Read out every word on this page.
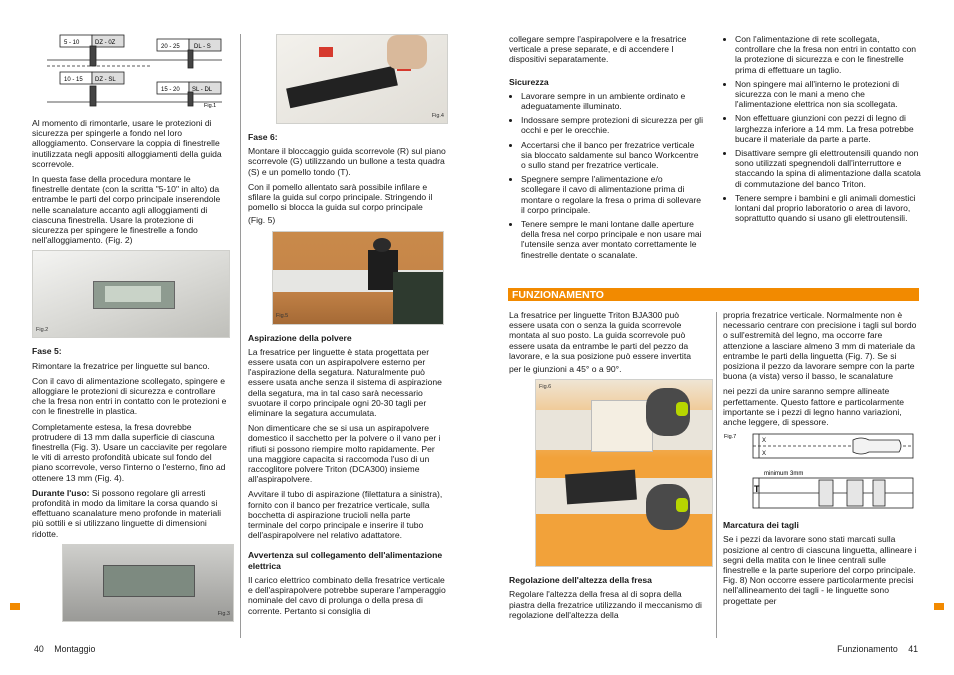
5 - 10	DZ - 0Z
10 - 15 DZ - SL
20 - 25 DL - S
15 - 20 SL - DL
Fig.1

Al momento di rimontarle, usare le protezioni di sicurezza per spingerle a fondo nel loro alloggiamento. Conservare la coppia di finestrelle inutilizzata negli appositi alloggiamenti della guida scorrevole.

In questa fase della procedura montare le finestrelle dentate (con la scritta "5-10" in alto) da entrambe le parti del corpo principale inserendole nelle scanalature accanto agli alloggiamenti di ciascuna finestrella. Usare la protezione di sicurezza per spingere le finestrelle a fondo nell'alloggiamento. (Fig. 2)

Fig.2
Fase 5:

Rimontare la frezatrice per linguette sul banco.

Con il cavo di alimentazione scollegato, spingere e alloggiare le protezioni di sicurezza e controllare che la fresa non entri in contatto con le protezioni e con le finestrelle in plastica.

Completamente estesa, la fresa dovrebbe protrudere di 13 mm dalla superficie di ciascuna finestrella (Fig. 3). Usare un cacciavite per regolare le viti di arresto profondità ubicate sul fondo del piano scorrevole, verso l'interno o l'esterno, fino ad ottenere 13 mm (Fig. 4).

Durante l'uso: Si possono regolare gli arresti profondità in modo da limitare la corsa quando si effettuano scanalature meno profonde in materiali più sottili e si utilizzano linguette di dimensioni ridotte.

Fig.3
Fig.4
Fase 6:

Montare il bloccaggio guida scorrevole (R) sul piano scorrevole (G) utilizzando un bullone a testa quadra (S) e un pomello tondo (T).

Con il pomello allentato sarà possibile infilare e sfilare la guida sul corpo principale. Stringendo il pomello si blocca la guida sul corpo principale

(Fig. 5)

Fig.5
Aspirazione della polvere

La fresatrice per linguette è stata progettata per essere usata con un aspirapolvere esterno per l'aspirazione della segatura. Naturalmente può essere usata anche senza il sistema di aspirazione della segatura, ma in tal caso sarà necessario svuotare il corpo principale ogni 20-30 tagli per eliminare la segatura accumulata.

Non dimenticare che se si usa un aspirapolvere domestico il sacchetto per la polvere o il vano per i rifiuti si possono riempire molto rapidamente. Per una maggiore capacita si raccomoda l'uso di un raccoglitore polvere Triton (DCA300) insieme all'aspirapolvere.

Avvitare il tubo di aspirazione (filettatura a sinistra), fornito con il banco per frezatrice verticale, sulla bocchetta di aspirazione trucioli nella parte terminale del corpo principale e inserire il tubo dell'aspirapolvere nel relativo adattatore.

Avvertenza sul collegamento dell'alimentazione elettrica

Il carico elettrico combinato della fresatrice verticale e dell'aspirapolvere potrebbe superare l'amperaggio nominale del cavo di prolunga o della presa di corrente. Pertanto si consiglia di

collegare sempre l'aspirapolvere e la fresatrice verticale a prese separate, e di accendere I dispositivi separatamente.

Sicurezza
• Lavorare sempre in un ambiente ordinato e adeguatamente illuminato.
• Indossare sempre protezioni di sicurezza per gli occhi e per le orecchie.
• Accertarsi che il banco per frezatrice verticale sia bloccato saldamente sul banco Workcentre o sullo stand per frezatrice verticale.
• Spegnere sempre l'alimentazione e/o scollegare il cavo di alimentazione prima di montare o regolare la fresa o prima di sollevare il corpo principale.
• Tenere sempre le mani lontane dalle aperture della fresa nel corpo principale e non usare mai l'utensile senza aver montato correttamente le finestrelle dentate o scanalate.
• Con l'alimentazione di rete scollegata, controllare che la fresa non entri in contatto con la protezione di sicurezza e con le finestrelle prima di effettuare un taglio.
• Non spingere mai all'interno le protezioni di sicurezza con le mani a meno che l'alimentazione elettrica non sia scollegata.
• Non effettuare giunzioni con pezzi di legno di larghezza inferiore a 14 mm. La fresa potrebbe bucare il materiale da parte a parte.
• Disattivare sempre gli elettroutensili quando non sono utilizzati spegnendoli dall'interruttore e staccando la spina di alimentazione dalla scatola di commutazione del banco Triton.
• Tenere sempre i bambini e gli animali domestici lontani dal proprio laboratorio o area di lavoro, soprattutto quando si usano gli elettroutensili.
FUNZIONAMENTO

La fresatrice per linguette Triton BJA300 può essere usata con o senza la guida scorrevole montata al suo posto. La guida scorrevole può essere usata da entrambe le parti del pezzo da lavorare, e la sua posizione può essere invertita

per le giunzioni a 45° o a 90°.

Fig.6
Regolazione dell'altezza della fresa

Regolare l'altezza della fresa al di sopra della piastra della frezatrice utilizzando il meccanismo di regolazione dell'altezza della

propria frezatrice verticale. Normalmente non è necessario centrare con precisione i tagli sul bordo o sull'estremità del legno, ma occorre fare attenzione a lasciare almeno 3 mm di materiale da entrambe le parti della linguetta (Fig. 7). Se si posiziona il pezzo da lavorare sempre con la parte buona (a vista) verso il basso, le scanalature

nei pezzi da unire saranno sempre allineate perfettamente. Questo fattore e particolarmente importante se i pezzi di legno hanno variazioni, anche leggere, di spessore.

Fig.7
X
X
minimum 3mm
T
Marcatura dei tagli

Se i pezzi da lavorare sono stati marcati sulla posizione al centro di ciascuna linguetta, allineare i segni della matita con le linee centrali sulle finestrelle e la parte superiore del corpo principale. Fig. 8) Non occorre essere particolarmente precisi nell'allineamento dei tagli - le linguette sono progettate per

40 Montaggio	Funzionamento 41
